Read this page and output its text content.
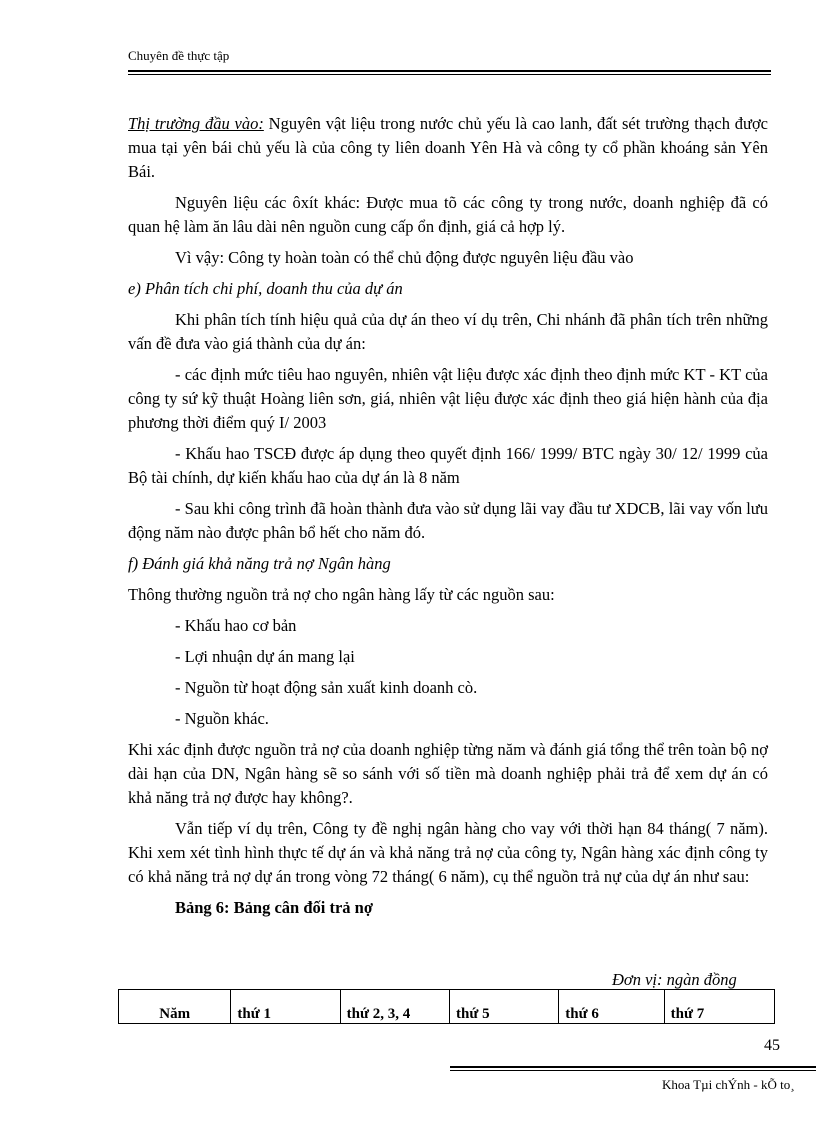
Chuyên đề thực tập

Thị trường đầu vào: Nguyên vật liệu trong nước chủ yếu là cao lanh, đất sét trường thạch được mua tại yên bái chủ yếu là của công ty liên doanh Yên Hà và công ty cổ phần khoáng sản Yên Bái.

Nguyên liệu các ôxít khác: Được mua tõ các công ty trong nước, doanh nghiệp đã có quan hệ làm ăn lâu dài nên nguồn cung cấp ổn định, giá cả hợp lý.

Vì vậy: Công ty hoàn toàn có thể chủ động được nguyên liệu đầu vào

e) Phân tích chi phí, doanh thu của dự án

Khi phân tích tính hiệu quả của dự án theo ví dụ trên, Chi nhánh đã phân tích trên những vấn đề đưa vào giá thành của dự án:

- các định mức tiêu hao nguyên, nhiên vật liệu được xác định theo định mức KT - KT của công ty sứ kỹ thuật Hoàng liên sơn, giá, nhiên vật liệu được xác định theo giá hiện hành của địa phương thời điểm quý I/ 2003

- Khấu hao TSCĐ được áp dụng theo quyết định 166/ 1999/ BTC ngày 30/ 12/ 1999 của Bộ tài chính, dự kiến khấu hao của dự án là 8 năm

- Sau khi công trình đã hoàn thành đưa vào sử dụng lãi vay đầu tư XDCB, lãi vay vốn lưu động năm nào được phân bổ hết cho năm đó.

f) Đánh giá khả năng trả nợ Ngân hàng

Thông thường nguồn trả nợ cho ngân hàng lấy từ các nguồn sau:

- Khấu hao cơ bản

- Lợi nhuận dự án mang lại

- Nguồn từ hoạt động sản xuất kinh doanh cò.

- Nguồn khác.

Khi xác định được nguồn trả nợ của doanh nghiệp từng năm và đánh giá tổng thể trên toàn bộ nợ dài hạn của DN, Ngân hàng sẽ so sánh với số tiền mà doanh nghiệp phải trả để xem dự án có khả năng trả nợ được hay không?.

Vẫn tiếp ví dụ trên, Công ty đề nghị ngân hàng cho vay với thời hạn 84 tháng( 7 năm). Khi xem xét tình hình thực tế dự án và khả năng trả nợ của công ty, Ngân hàng xác định công ty có khả năng trả nợ dự án trong vòng 72 tháng( 6 năm), cụ thể nguồn trả nự của dự án như sau:

Bảng 6: Bảng cân đối trả nợ

Đơn vị: ngàn đồng
Năm	thứ 1	thứ 2, 3, 4	thứ 5	thứ 6	thứ 7
45
Khoa Tµi chÝnh - kÕ to¸
